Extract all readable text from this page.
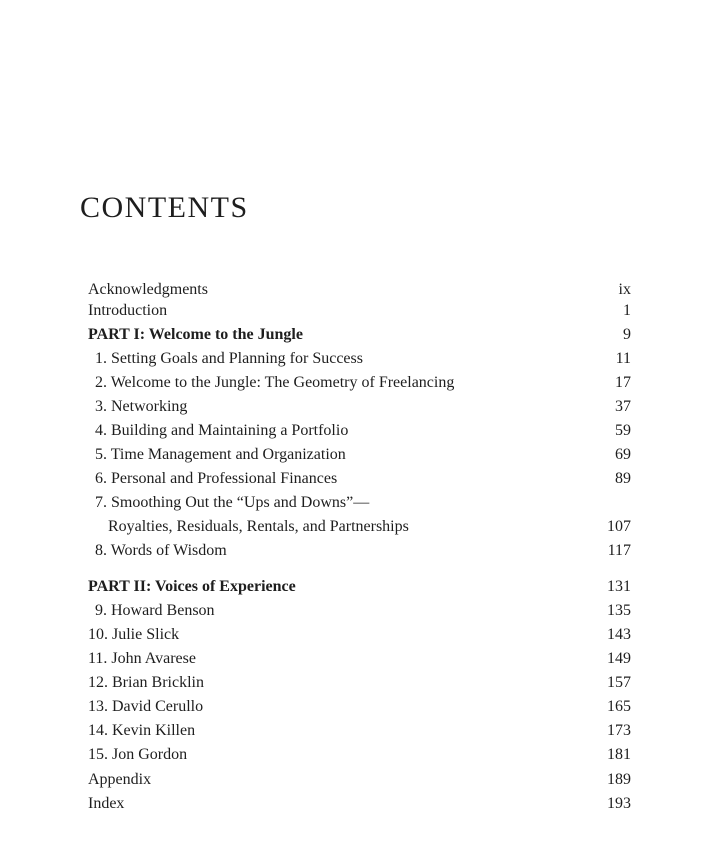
CONTENTS
Acknowledgments	ix
Introduction	1
PART I: Welcome to the Jungle	9
1. Setting Goals and Planning for Success	11
2. Welcome to the Jungle: The Geometry of Freelancing	17
3. Networking	37
4. Building and Maintaining a Portfolio	59
5. Time Management and Organization	69
6. Personal and Professional Finances	89
7. Smoothing Out the “Ups and Downs”—
Royalties, Residuals, Rentals, and Partnerships	107
8. Words of Wisdom	117
PART II: Voices of Experience	131
9. Howard Benson	135
10. Julie Slick	143
11. John Avarese	149
12. Brian Bricklin	157
13. David Cerullo	165
14. Kevin Killen	173
15. Jon Gordon	181
Appendix	189
Index	193
